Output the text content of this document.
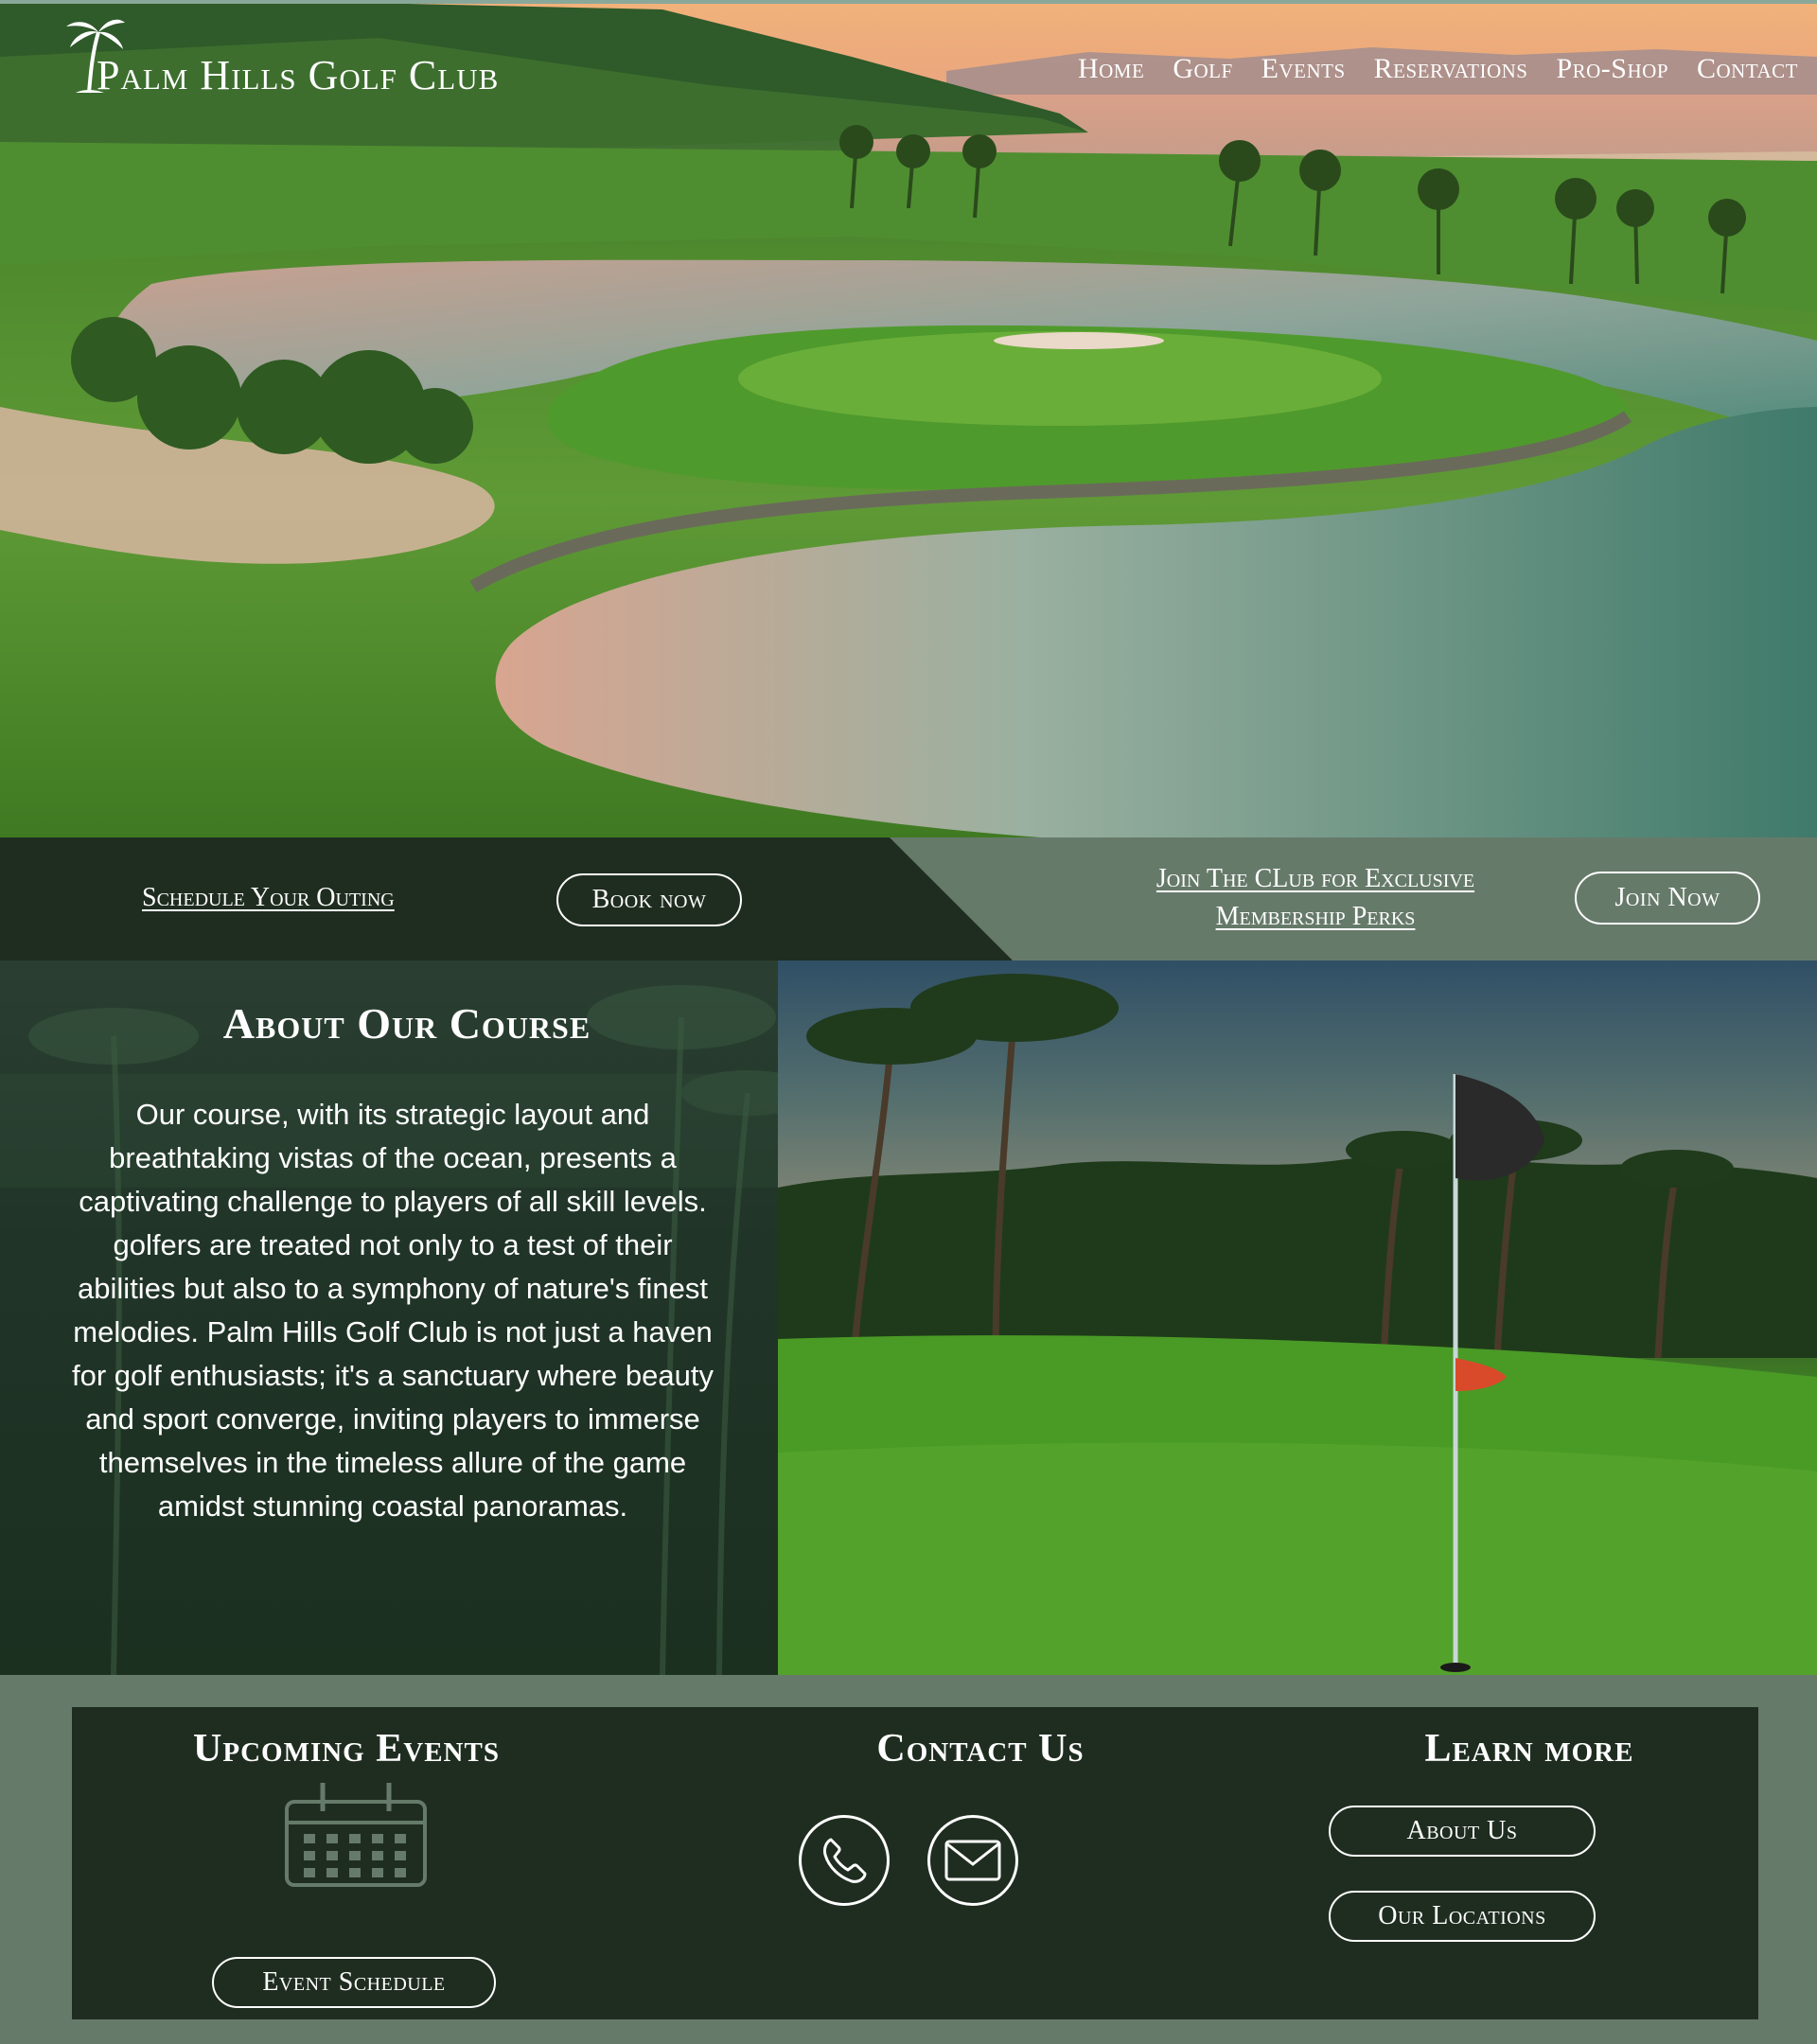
Palm Hills Golf Club	Home Golf Events Reservations Pro-Shop Contact
Schedule Your Outing	Book now
Join The CLub for Exclusive
Membership Perks
Join Now
About Our Course

Our course, with its strategic layout and breathtaking vistas of the ocean, presents a captivating challenge to players of all skill levels. golfers are treated not only to a test of their abilities but also to a symphony of nature's finest melodies. Palm Hills Golf Club is not just a haven for golf enthusiasts; it's a sanctuary where beauty and sport converge, inviting players to immerse themselves in the timeless allure of the game amidst stunning coastal panoramas.

Upcoming Events
Event Schedule
Contact Us	Learn more
About Us
Our Locations
